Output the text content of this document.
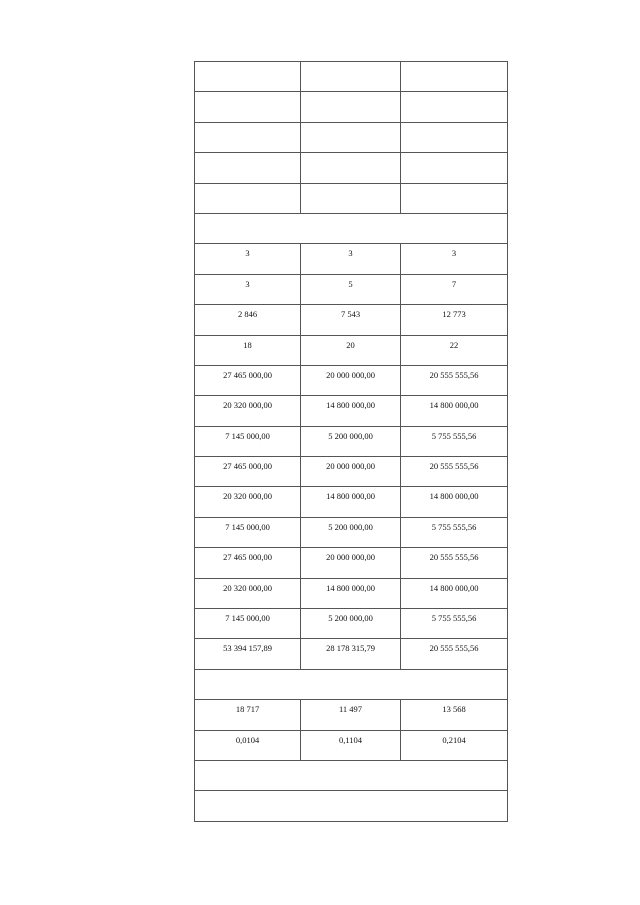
3	3	3

3	5	7

2 846	7 543	12 773

18	20	22

27 465 000,00	20 000 000,00	20 555 555,56

20 320 000,00	14 800 000,00	14 800 000,00

7 145 000,00	5 200 000,00	5 755 555,56

27 465 000,00	20 000 000,00	20 555 555,56

20 320 000,00	14 800 000,00	14 800 000,00

7 145 000,00	5 200 000,00	5 755 555,56

27 465 000,00	20 000 000,00	20 555 555,56

20 320 000,00	14 800 000,00	14 800 000,00

7 145 000,00	5 200 000,00	5 755 555,56

53 394 157,89	28 178 315,79	20 555 555,56

18 717	11 497	13 568

0,0104	0,1104	0,2104
